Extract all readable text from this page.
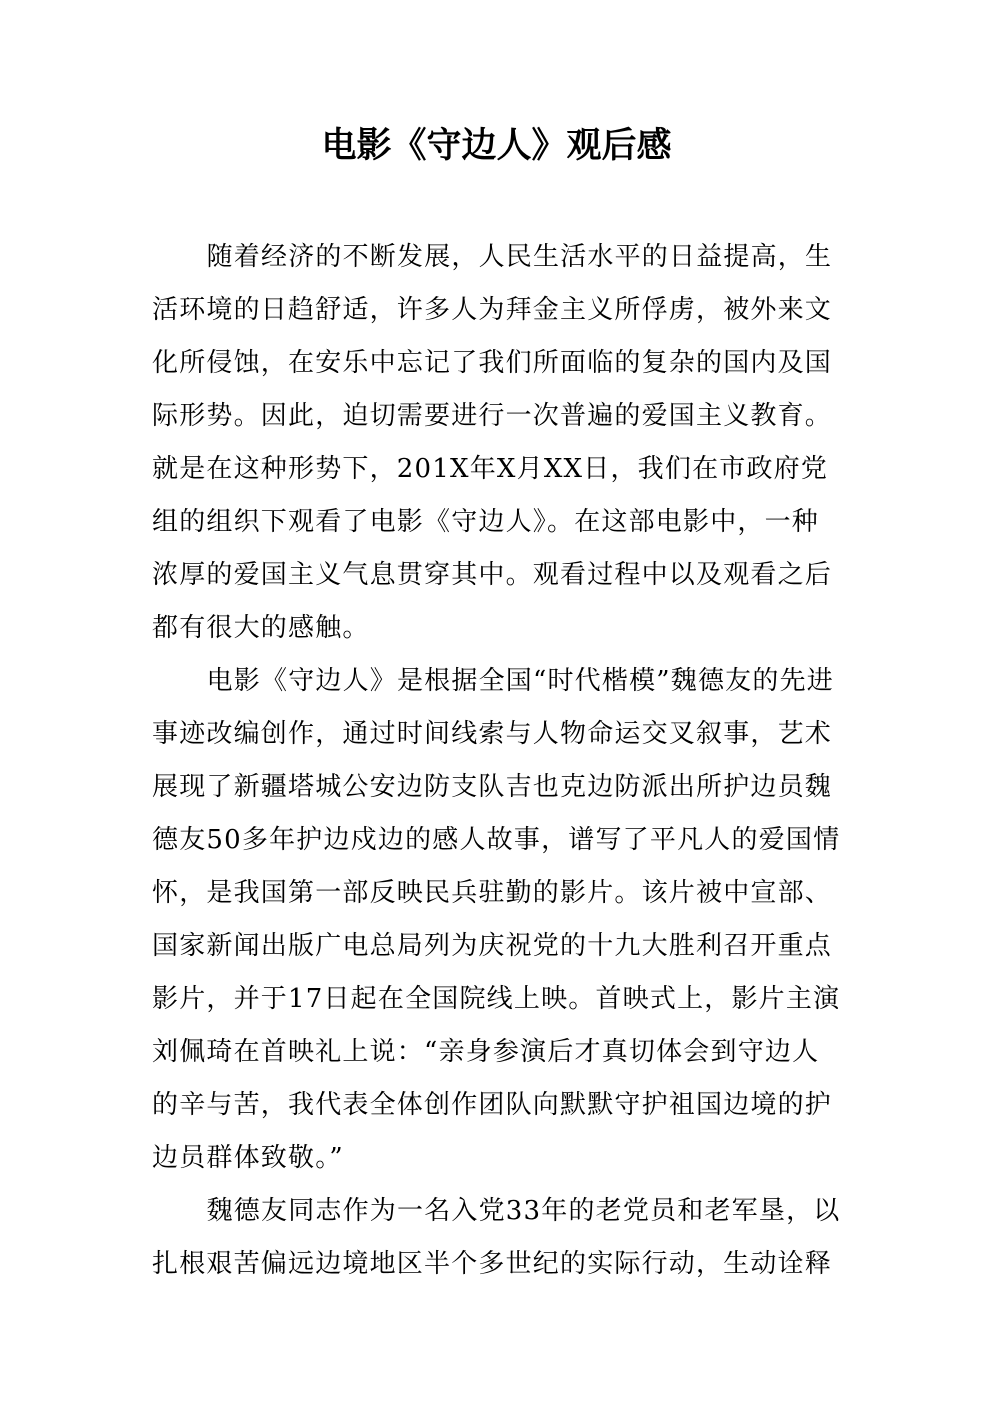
电影《守边人》观后感

随着经济的不断发展，人民生活水平的日益提高，生活环境的日趋舒适，许多人为拜金主义所俘虏，被外来文化所侵蚀，在安乐中忘记了我们所面临的复杂的国内及国际形势。因此，迫切需要进行一次普遍的爱国主义教育。

就是在这种形势下，201X年X月XX日，我们在市政府党组的组织下观看了电影《守边人》。在这部电影中，一种浓厚的爱国主义气息贯穿其中。观看过程中以及观看之后都有很大的感触。

电影《守边人》是根据全国“时代楷模”魏德友的先进事迹改编创作，通过时间线索与人物命运交叉叙事，艺术展现了新疆塔城公安边防支队吉也克边防派出所护边员魏德友50多年护边戍边的感人故事，谱写了平凡人的爱国情怀，是我国第一部反映民兵驻勤的影片。该片被中宣部、国家新闻出版广电总局列为庆祝党的十九大胜利召开重点影片，并于17日起在全国院线上映。首映式上，影片主演刘佩琦在首映礼上说：“亲身参演后才真切体会到守边人的辛与苦，我代表全体创作团队向默默守护祖国边境的护边员群体致敬。”

魏德友同志作为一名入党33年的老党员和老军垦，以扎根艰苦偏远边境地区半个多世纪的实际行动，生动诠释
